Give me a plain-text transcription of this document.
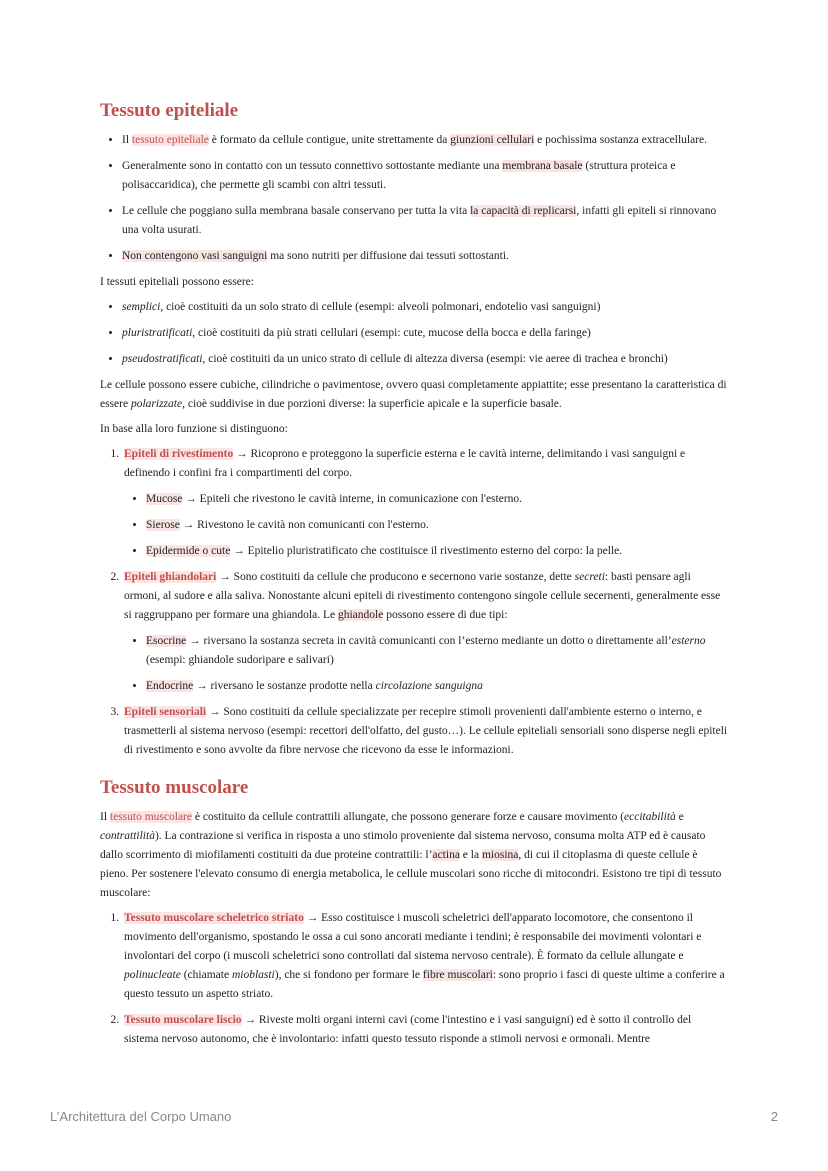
Tessuto epiteliale
• Il tessuto epiteliale è formato da cellule contigue, unite strettamente da giunzioni cellulari e pochissima sostanza extracellulare.
• Generalmente sono in contatto con un tessuto connettivo sottostante mediante una membrana basale (struttura proteica e polisaccaridica), che permette gli scambi con altri tessuti.
• Le cellule che poggiano sulla membrana basale conservano per tutta la vita la capacità di replicarsi, infatti gli epiteli si rinnovano una volta usurati.
• Non contengono vasi sanguigni ma sono nutriti per diffusione dai tessuti sottostanti.

I tessuti epiteliali possono essere:

• semplici, cioè costituiti da un solo strato di cellule (esempi: alveoli polmonari, endotelio vasi sanguigni)
• pluristratificati, cioè costituiti da più strati cellulari (esempi: cute, mucose della bocca e della faringe)
• pseudostratificati, cioè costituiti da un unico strato di cellule di altezza diversa (esempi: vie aeree di trachea e bronchi)

Le cellule possono essere cubiche, cilindriche o pavimentose, ovvero quasi completamente appiattite; esse presentano la caratteristica di essere polarizzate, cioè suddivise in due porzioni diverse: la superficie apicale e la superficie basale.

In base alla loro funzione si distinguono:

1. Epiteli di rivestimento → Ricoprono e proteggono la superficie esterna e le cavità interne, delimitando i vasi sanguigni e definendo i confini fra i compartimenti del corpo.
• Mucose → Epiteli che rivestono le cavità interne, in comunicazione con l'esterno.
• Sierose → Rivestono le cavità non comunicanti con l'esterno.
• Epidermide o cute → Epitelio pluristratificato che costituisce il rivestimento esterno del corpo: la pelle.
2. Epiteli ghiandolari → Sono costituiti da cellule che producono e secernono varie sostanze, dette secreti: basti pensare agli ormoni, al sudore e alla saliva. Nonostante alcuni epiteli di rivestimento contengono singole cellule secernenti, generalmente esse si raggruppano per formare una ghiandola. Le ghiandole possono essere di due tipi:
• Esocrine → riversano la sostanza secreta in cavità comunicanti con l’esterno mediante un dotto o direttamente all’esterno (esempi: ghiandole sudoripare e salivari)
• Endocrine → riversano le sostanze prodotte nella circolazione sanguigna
3. Epiteli sensoriali → Sono costituiti da cellule specializzate per recepire stimoli provenienti dall'ambiente esterno o interno, e trasmetterli al sistema nervoso (esempi: recettori dell'olfatto, del gusto…). Le cellule epiteliali sensoriali sono disperse negli epiteli di rivestimento e sono avvolte da fibre nervose che ricevono da esse le informazioni.
Tessuto muscolare

Il tessuto muscolare è costituito da cellule contrattili allungate, che possono generare forze e causare movimento (eccitabilità e contrattilità). La contrazione si verifica in risposta a uno stimolo proveniente dal sistema nervoso, consuma molta ATP ed è causato dallo scorrimento di miofilamenti costituiti da due proteine contrattili: l’actina e la miosina, di cui il citoplasma di queste cellule è pieno. Per sostenere l'elevato consumo di energia metabolica, le cellule muscolari sono ricche di mitocondri. Esistono tre tipi di tessuto muscolare:

1. Tessuto muscolare scheletrico striato → Esso costituisce i muscoli scheletrici dell'apparato locomotore, che consentono il movimento dell'organismo, spostando le ossa a cui sono ancorati mediante i tendini; è responsabile dei movimenti volontari e involontari del corpo (i muscoli scheletrici sono controllati dal sistema nervoso centrale). È formato da cellule allungate e polinucleate (chiamate mioblasti), che si fondono per formare le fibre muscolari: sono proprio i fasci di queste ultime a conferire a questo tessuto un aspetto striato.
2. Tessuto muscolare liscio → Riveste molti organi interni cavi (come l'intestino e i vasi sanguigni) ed è sotto il controllo del sistema nervoso autonomo, che è involontario: infatti questo tessuto risponde a stimoli nervosi e ormonali. Mentre
L’Architettura del Corpo Umano	2
